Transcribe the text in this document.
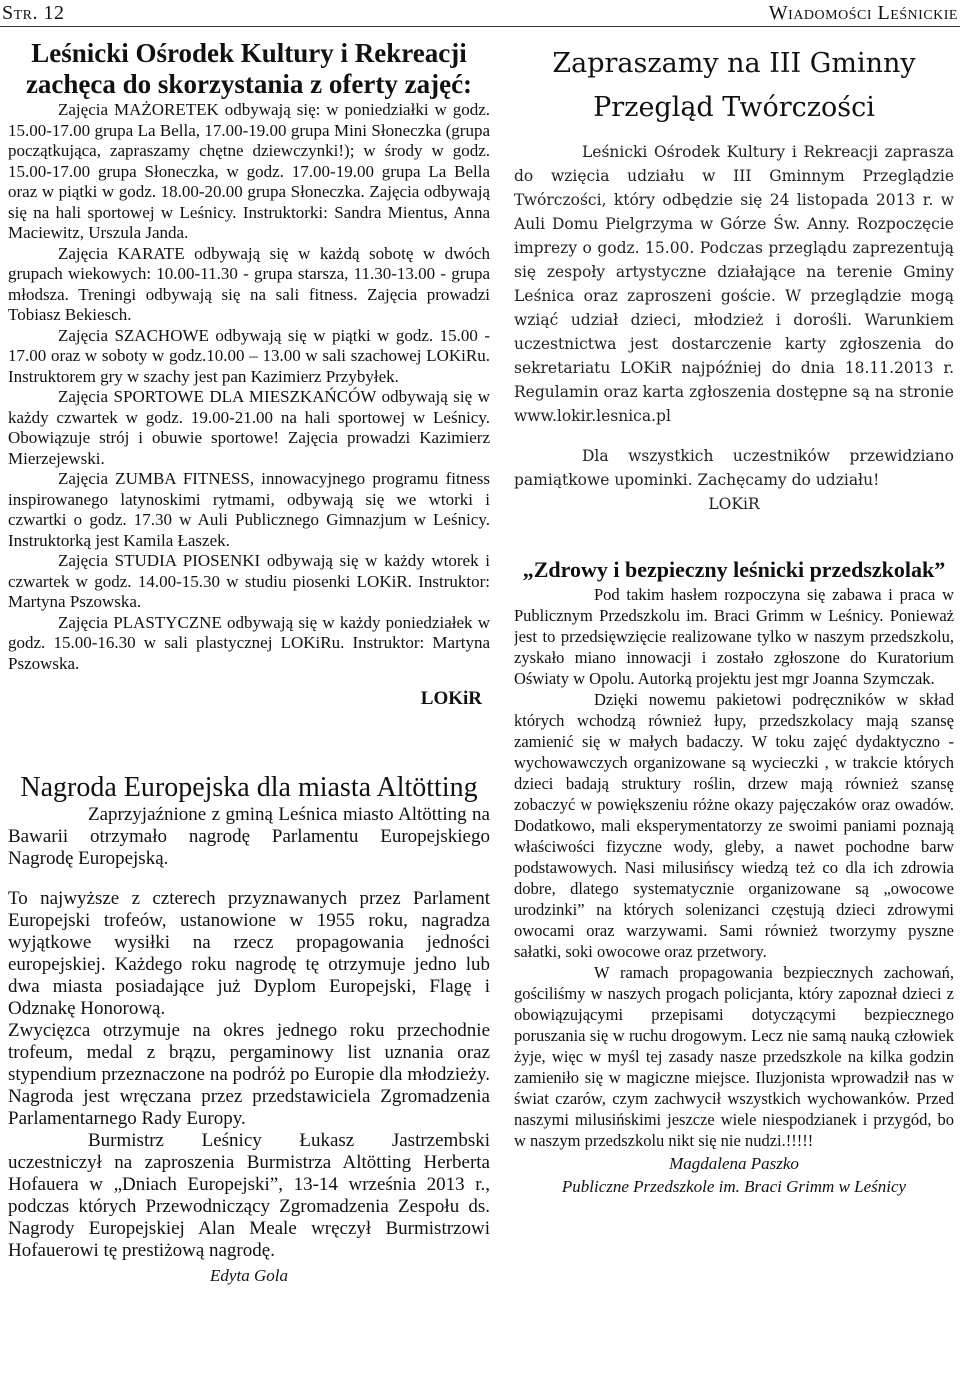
Str. 12	Wiadomości Leśnickie
Leśnicki Ośrodek Kultury i Rekreacji zachęca do skorzystania z oferty zajęć:

Zajęcia MAŻORETEK odbywają się: w poniedziałki w godz. 15.00-17.00 grupa La Bella, 17.00-19.00 grupa Mini Słoneczka (grupa początkująca, zapraszamy chętne dziewczynki!); w środy w godz. 15.00-17.00 grupa Słoneczka, w godz. 17.00-19.00 grupa La Bella oraz w piątki w godz. 18.00-20.00 grupa Słoneczka. Zajęcia odbywają się na hali sportowej w Leśnicy. Instruktorki: Sandra Mientus, Anna Maciewitz, Urszula Janda.

Zajęcia KARATE odbywają się w każdą sobotę w dwóch grupach wiekowych: 10.00-11.30 - grupa starsza, 11.30-13.00 - grupa młodsza. Treningi odbywają się na sali fitness. Zajęcia prowadzi Tobiasz Bekiesch.

Zajęcia SZACHOWE odbywają się w piątki w godz. 15.00 - 17.00 oraz w soboty w godz.10.00 – 13.00 w sali szachowej LOKiRu. Instruktorem gry w szachy jest pan Kazimierz Przybyłek.

Zajęcia SPORTOWE DLA MIESZKAŃCÓW odbywają się w każdy czwartek w godz. 19.00-21.00 na hali sportowej w Leśnicy. Obowiązuje strój i obuwie sportowe! Zajęcia prowadzi Kazimierz Mierzejewski.

Zajęcia ZUMBA FITNESS, innowacyjnego programu fitness inspirowanego latynoskimi rytmami, odbywają się we wtorki i czwartki o godz. 17.30 w Auli Publicznego Gimnazjum w Leśnicy. Instruktorką jest Kamila Łaszek.

Zajęcia STUDIA PIOSENKI odbywają się w każdy wtorek i czwartek w godz. 14.00-15.30 w studiu piosenki LOKiR. Instruktor: Martyna Pszowska.

Zajęcia PLASTYCZNE odbywają się w każdy poniedziałek w godz. 15.00-16.30 w sali plastycznej LOKiRu. Instruktor: Martyna Pszowska.

LOKiR
Nagroda Europejska dla miasta Altötting

Zaprzyjaźnione z gminą Leśnica miasto Altötting na Bawarii otrzymało nagrodę Parlamentu Europejskiego Nagrodę Europejską.

To najwyższe z czterech przyznawanych przez Parlament Europejski trofeów, ustanowione w 1955 roku, nagradza wyjątkowe wysiłki na rzecz propagowania jedności europejskiej. Każdego roku nagrodę tę otrzymuje jedno lub dwa miasta posiadające już Dyplom Europejski, Flagę i Odznakę Honorową.

Zwycięzca otrzymuje na okres jednego roku przechodnie trofeum, medal z brązu, pergaminowy list uznania oraz stypendium przeznaczone na podróż po Europie dla młodzieży. Nagroda jest wręczana przez przedstawiciela Zgromadzenia Parlamentarnego Rady Europy.

Burmistrz Leśnicy Łukasz Jastrzembski uczestniczył na zaproszenia Burmistrza Altötting Herberta Hofauera w „Dniach Europejski”, 13-14 września 2013 r., podczas których Przewodniczący Zgromadzenia Zespołu ds. Nagrody Europejskiej Alan Meale wręczył Burmistrzowi Hofauerowi tę prestiżową nagrodę.

Edyta Gola
Zapraszamy na III Gminny
Przegląd Twórczości

Leśnicki Ośrodek Kultury i Rekreacji zaprasza do wzięcia udziału w III Gminnym Przeglądzie Twórczości, który odbędzie się 24 listopada 2013 r. w Auli Domu Pielgrzyma w Górze Św. Anny. Rozpoczęcie imprezy o godz. 15.00. Podczas przeglądu zaprezentują się zespoły artystyczne działające na terenie Gminy Leśnica oraz zaproszeni goście. W przeglądzie mogą wziąć udział dzieci, młodzież i dorośli. Warunkiem uczestnictwa jest dostarczenie karty zgłoszenia do sekretariatu LOKiR najpóźniej do dnia 18.11.2013 r. Regulamin oraz karta zgłoszenia dostępne są na stronie www.lokir.lesnica.pl

Dla wszystkich uczestników przewidziano pamiątkowe upominki. Zachęcamy do udziału!

LOKiR

„Zdrowy i bezpieczny leśnicki przedszkolak”

Pod takim hasłem rozpoczyna się zabawa i praca w Publicznym Przedszkolu im. Braci Grimm w Leśnicy. Ponieważ jest to przedsięwzięcie realizowane tylko w naszym przedszkolu, zyskało miano innowacji i zostało zgłoszone do Kuratorium Oświaty w Opolu. Autorką projektu jest mgr Joanna Szymczak.

Dzięki nowemu pakietowi podręczników w skład których wchodzą również łupy, przedszkolacy mają szansę zamienić się w małych badaczy. W toku zajęć dydaktyczno - wychowawczych organizowane są wycieczki , w trakcie których dzieci badają struktury roślin, drzew mają również szansę zobaczyć w powiększeniu różne okazy pajęczaków oraz owadów. Dodatkowo, mali eksperymentatorzy ze swoimi paniami poznają właściwości fizyczne wody, gleby, a nawet pochodne barw podstawowych. Nasi milusińscy wiedzą też co dla ich zdrowia dobre, dlatego systematycznie organizowane są „owocowe urodzinki” na których solenizanci częstują dzieci zdrowymi owocami oraz warzywami. Sami również tworzymy pyszne sałatki, soki owocowe oraz przetwory.

W ramach propagowania bezpiecznych zachowań, gościliśmy w naszych progach policjanta, który zapoznał dzieci z obowiązującymi przepisami dotyczącymi bezpiecznego poruszania się w ruchu drogowym. Lecz nie samą nauką człowiek żyje, więc w myśl tej zasady nasze przedszkole na kilka godzin zamieniło się w magiczne miejsce. Iluzjonista wprowadził nas w świat czarów, czym zachwycił wszystkich wychowanków. Przed naszymi milusińskimi jeszcze wiele niespodzianek i przygód, bo w naszym przedszkolu nikt się nie nudzi.!!!!!

Magdalena Paszko
Publiczne Przedszkole im. Braci Grimm w Leśnicy
